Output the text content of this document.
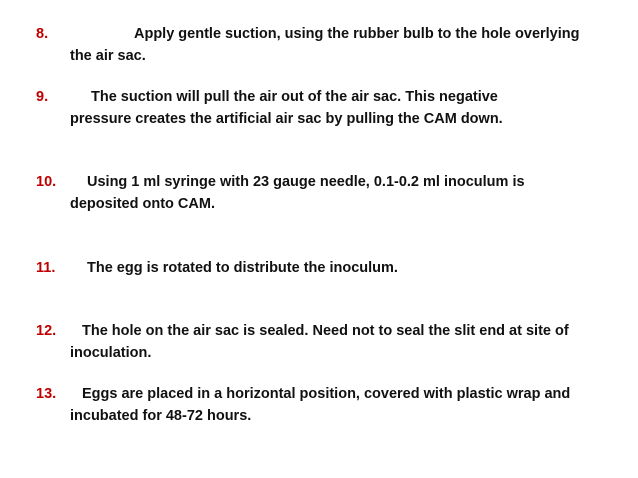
8.	Apply gentle suction, using the rubber bulb to the hole overlying
the air sac.
9.	The suction will pull the air out of the air sac. This negative
pressure creates the artificial air sac by pulling the CAM down.
10. Using 1 ml syringe with 23 gauge needle, 0.1-0.2 ml inoculum is
deposited onto CAM.
11. The egg is rotated to distribute the inoculum.
12. The hole on the air sac is sealed. Need not to seal the slit end at site of
inoculation.
13. Eggs are placed in a horizontal position, covered with plastic wrap and
incubated for 48-72 hours.
